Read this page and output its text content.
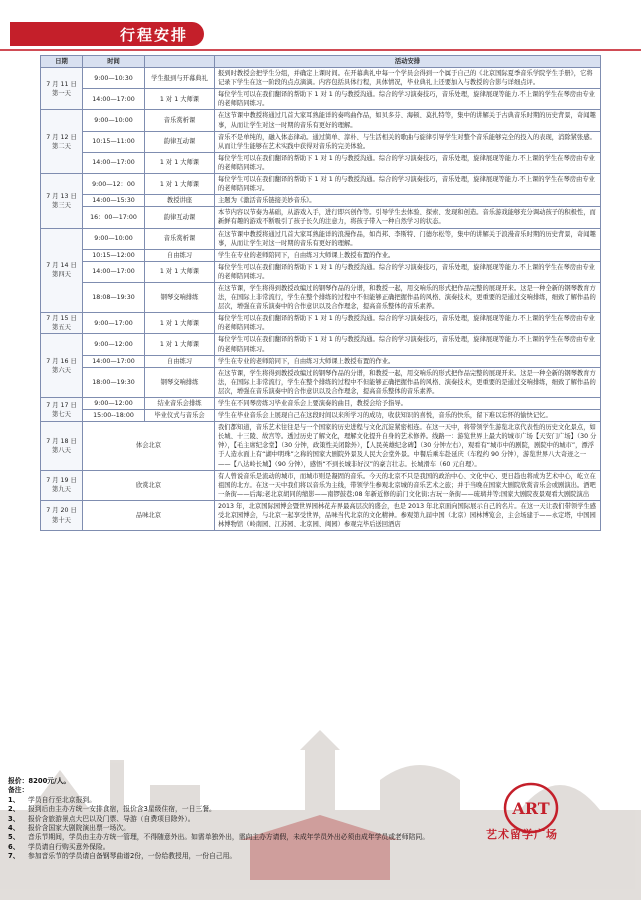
行程安排
日期	时间		活动安排
7 月 11 日
第一天	9:00—10:30	学生报到与开幕典礼	报到时教授会把学生分组，并确定上课时间。在开幕典礼中每一个学员会得到一个属于自己的《北京国际夏季音乐学院学生手册》，它将记录下学生在这一阶段的点点滴滴。内容包括具体行程，具体情况，毕业典礼上还要加入与教授的合影与详细点评。
	14:00—17:00	1 对 1 大师课	每位学生可以在我们翻译的帮助下 1 对 1 的与教授沟通。综合的学习演奏技巧，音乐处理，旋律展现等能力.不上课的学生在琴房由专业的老师陪同练习。
7 月 12 日
第二天	9:00—10:00	音乐赏析课	在这节课中教授将通过几首大家耳熟能详的奏鸣曲作品，如贝多芬、海顿、莫扎特等，集中的讲解关于古典音乐时期的历史背景，奇闻趣事，从而让学生对这一时期的音乐有更好的理解。
	10:15—11:00	韵律互动课	音乐不是单纯的，融入体态律动。通过简单、淳朴、与生活相关的歌曲与旋律引导学生对整个音乐能够完全的投入的表现，消除紧张感。从而让学生能够在艺术实践中获得对音乐的完美体验。
	14:00—17:00	1 对 1 大师课	每位学生可以在我们翻译的帮助下 1 对 1 的与教授沟通。综合的学习演奏技巧，音乐处理，旋律展现等能力.不上课的学生在琴房由专业的老师陪同练习。
7 月 13 日
第三天	9:00—12：00	1 对 1 大师课	每位学生可以在我们翻译的帮助下 1 对 1 的与教授沟通。综合的学习演奏技巧，音乐处理，旋律展现等能力.不上课的学生在琴房由专业的老师陪同练习。
	14:00—15:30	教授讲座	主题为《激活音乐链接美妙音乐》。
	16：00—17:00	韵律互动课	本节内容以节奏为基础，从游戏入手，进行即兴创作等。引导学生去体验、探索、发现和创造。音乐游戏能够充分调动孩子的积极性，而新鲜有趣的游戏不断吸引了孩子长久的注意力，将孩子带入一种自然学习的状态。
7 月 14 日
第四天	9:00—10:00	音乐赏析课	在这节课中教授将通过几首大家耳熟能详的浪漫作品，如肖邦、李斯特、门德尔松等，集中的讲解关于浪漫音乐时期的历史背景，奇闻趣事，从而让学生对这一时期的音乐有更好的理解。
	10:15—12:00	自由练习	学生在专业的老师陪同下，自由练习大师课上教授布置的作业。
	14:00—17:00	1 对 1 大师课	每位学生可以在我们翻译的帮助下 1 对 1 的与教授沟通。综合的学习演奏技巧，音乐处理，旋律展现等能力.不上课的学生在琴房由专业的老师陪同练习。
	18:08—19:30	钢琴交响排练	在这节课，学生将得到教授改编过的钢琴作品的分谱，和教授一起，用交响乐的形式把作品完整的展现开来。这是一种全新的钢琴教育方法，在国际上非常流行，学生在整个排练的过程中不但能够正确把握作品的风格、演奏技术，更重要的是通过交响排练，细致了解作品的层次，增强在音乐演奏中的合作意识以及合作理念，提高音乐整体的音乐素养。
7 月 15 日
第五天	9:00—17:00	1 对 1 大师课	每位学生可以在我们翻译的帮助下 1 对 1 的与教授沟通。综合的学习演奏技巧，音乐处理，旋律展现等能力.不上课的学生在琴房由专业的老师陪同练习。
7 月 16 日
第六天	9:00—12:00	1 对 1 大师课	每位学生可以在我们翻译的帮助下 1 对 1 的与教授沟通。综合的学习演奏技巧，音乐处理，旋律展现等能力.不上课的学生在琴房由专业的老师陪同练习。
	14:00—17:00	自由练习	学生在专业的老师陪同下，自由练习大师课上教授布置的作业。
	18:00—19:30	钢琴交响排练	在这节课，学生将得到教授改编过的钢琴作品的分谱，和教授一起，用交响乐的形式把作品完整的展现开来。这是一种全新的钢琴教育方法，在国际上非常流行，学生在整个排练的过程中不但能够正确把握作品的风格、演奏技术，更重要的是通过交响排练，细致了解作品的层次，增强在音乐演奏中的合作意识以及合作理念，提高音乐整体的音乐素养。
7 月 17 日
第七天	9:00—12:00	结业音乐会排练	学生在不同琴房练习毕业音乐会上要演奏的曲目，教授会给予指导。
	15:00-‐18:00	毕业仪式与音乐会	学生在毕业音乐会上展现自己在这段时间以来所学习的成功，收获知识的喜悦，音乐的快乐，留下难以忘怀的愉快记忆。
7 月 18 日
第八天	体会北京		我们都知道，音乐艺术往往是与一个国家的历史进程与文化沉淀紧密相连。在这一天中，将带领学生游览北京代表性的历史文化景点，如长城、十三陵、故宫等。透过历史了解文化，理解文化提升自身的艺术修养。线路一：游览世界上最大的城市广场【天安门广场】（30 分钟），【毛主席纪念堂】（30 分钟，政策性关闭除外），【人民英雄纪念碑】（30 分钟左右），观看有“城市中的剧院，剧院中的城市”，漂浮于人造水面上有“湖中明珠”之称的国家大剧院外景及人民大会堂外景。中餐后乘车赴延庆（车程约 90 分钟），游览世界八大奇迹之一——【八达岭长城】（90 分钟），感悟“不到长城非好汉”的豪言壮志。长城滑车（60 元自理）。
7 月 19 日
第九天	欣赏北京		有人曾说音乐是流动的城市，而城市则是凝固的音乐。今天的北京不只是我国的政治中心、文化中心、更日趋也将成为艺术中心，屹立在祖国的北方。在这一天中我们将以音乐为主线，带领学生参观北京城的音乐艺术之旅；并于当晚在国家大剧院欣赏音乐会或剧演出。酒吧一条街——后海;老北京胡同的缩影——南锣鼓巷;08 年新近修的前门文化街;古玩一条街——琉璃井等;国家大剧院夜景观看大剧院演出
7 月 20 日
第十天	品味北京		2013 年，北京国际园博会暨世界园林花卉界最高层次的盛会，也是 2013 年北京面向国际展示自己的名片。在这一天让我们带领学生感受北京园博会，与北京一起享受世界，品味当代北京的文化精神。参观第九届中国（北京）园林博览会，主会场建于——永定塔，中国园林博物馆（岭南园、江苏园、北京园、闽园）参观完毕后送回酒店
报价：8200元/人。
备注：
1、 学员自行至北京报到。
2、 报到后由主办方统一安排食宿，报价含3星级住宿，一日三餐。
3、 报价含旅游景点大巴以及门票、导游（自费项目除外）。
4、 报价含国家大剧院演出票一场次。
5、 音乐节期间，学员由主办方统一管理，不得随意外出。如需单独外出，需向主办方请假，未成年学员外出必须由成年学员或老师陪同。
6、 学员请自行购买意外保险。
7、 参加音乐节的学员请自备钢琴曲谱2份，一份给教授用，一份自己用。
ART
艺术留学广场
